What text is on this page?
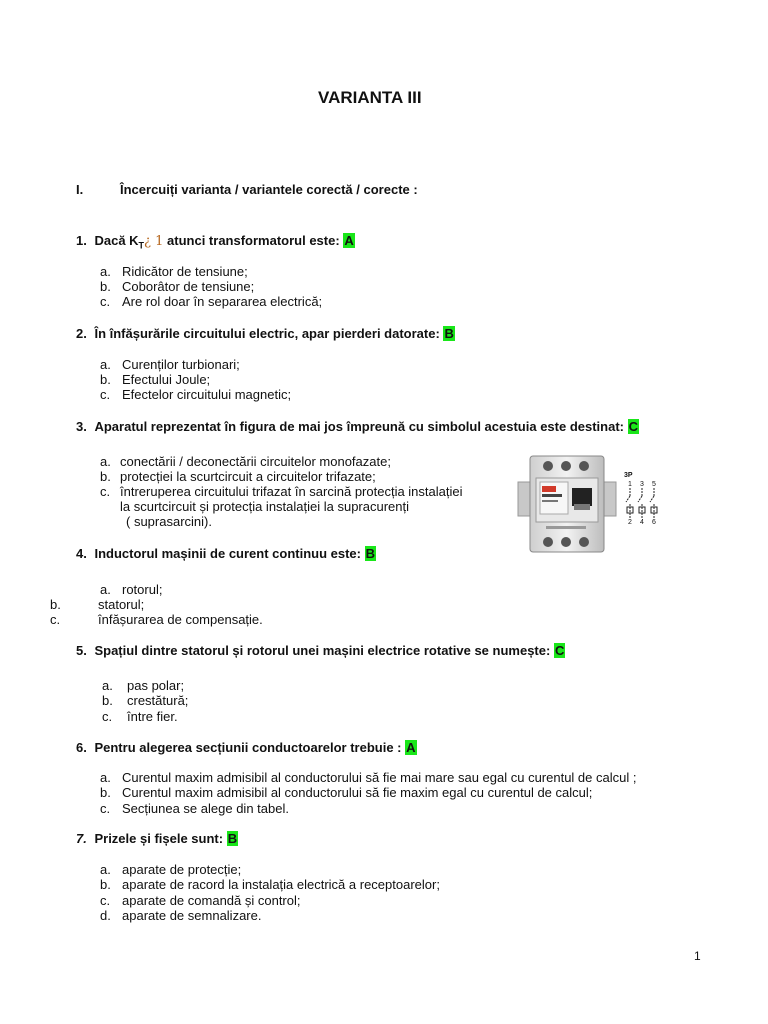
VARIANTA III
I.	Încercuiți varianta / variantele corectă / corecte :
1. Dacă $K_T¿$ 1 atunci transformatorul este: A
a. Ridicător de tensiune;
b. Coborâtor de tensiune;
c. Are rol doar în separarea electrică;
2. În înfășurările circuitului electric, apar pierderi datorate: B
a. Curenților turbionari;
b. Efectului Joule;
c. Efectelor circuitului magnetic;
3. Aparatul reprezentat în figura de mai jos împreună cu simbolul acestuia este destinat: C
a. conectării / deconectării circuitelor monofazate;
b. protecției la scurtcircuit a circuitelor trifazate;
c. întreruperea circuitului trifazat în sarcină protecția instalației
la scurtcircuit și protecția instalației la supracurenți
( suprasarcini).
3P
1 3 5
2 4 6
4. Inductorul mașinii de curent continuu este: B
a. rotorul;
b.	statorul;
c.	înfășurarea de compensație.
5. Spațiul dintre statorul și rotorul unei mașini electrice rotative se numește: C
a. pas polar;
b. crestătură;
c. între fier.
6. Pentru alegerea secțiunii conductoarelor trebuie : A
a. Curentul maxim admisibil al conductorului să fie mai mare sau egal cu curentul de calcul ;
b. Curentul maxim admisibil al conductorului să fie maxim egal cu curentul de calcul;
c. Secțiunea se alege din tabel.
7. Prizele și fișele sunt: B
a. aparate de protecție;
b. aparate de racord la instalația electrică a receptoarelor;
c. aparate de comandă și control;
d. aparate de semnalizare.
1
